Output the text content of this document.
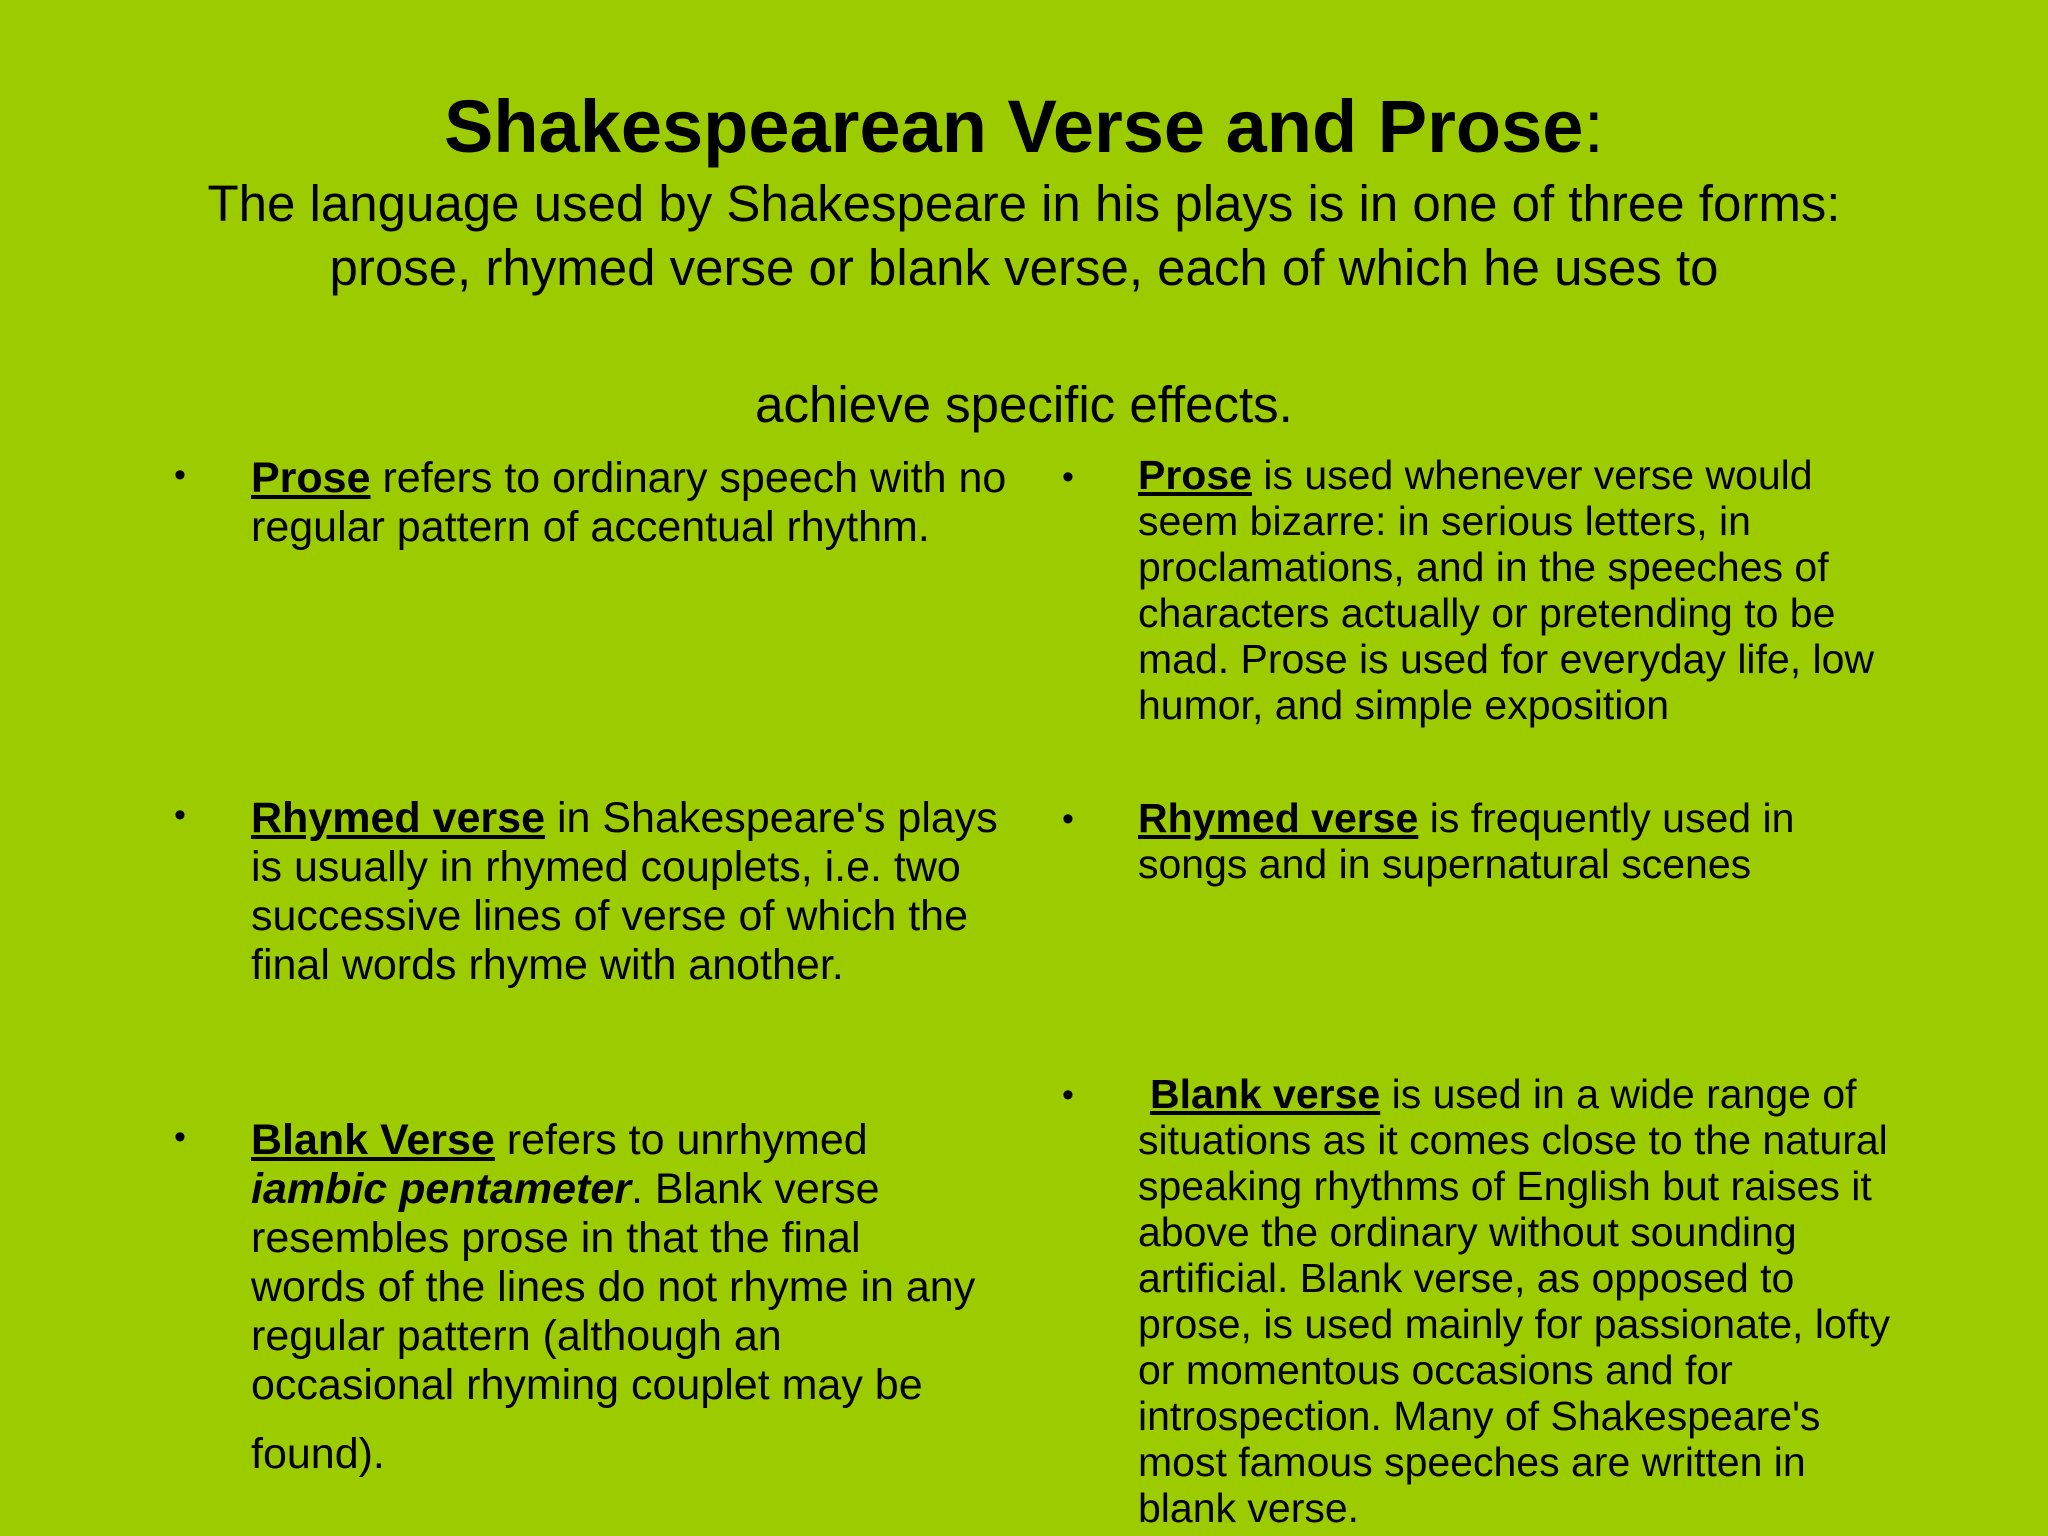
Shakespearean Verse and Prose:

The language used by Shakespeare in his plays is in one of three forms: prose, rhymed verse or blank verse, each of which he uses to

achieve specific effects.
• Prose refers to ordinary speech with no regular pattern of accentual rhythm.
• Rhymed verse in Shakespeare's plays is usually in rhymed couplets, i.e. two successive lines of verse of which the final words rhyme with another.
• Blank Verse refers to unrhymed iambic pentameter. Blank verse resembles prose in that the final words of the lines do not rhyme in any regular pattern (although an occasional rhyming couplet may be
found).
• Prose is used whenever verse would seem bizarre: in serious letters, in proclamations, and in the speeches of characters actually or pretending to be mad. Prose is used for everyday life, low humor, and simple exposition
• Rhymed verse is frequently used in songs and in supernatural scenes
• Blank verse is used in a wide range of situations as it comes close to the natural speaking rhythms of English but raises it above the ordinary without sounding artificial. Blank verse, as opposed to prose, is used mainly for passionate, lofty or momentous occasions and for introspection. Many of Shakespeare's most famous speeches are written in blank verse.
